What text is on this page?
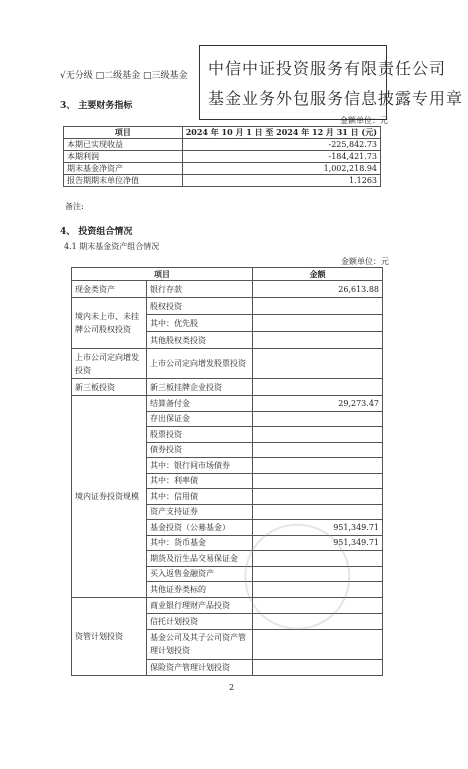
√无分级 □二级基金 □三级基金 中信中证投资服务有限责任公司
基金业务外包服务信息披露专用章
3、 主要财务指标
金额单位：元
项目	2024 年 10 月 1 日 至 2024 年 12 月 31 日 (元)
本期已实现收益	-225,842.73
本期利润	-184,421.73
期末基金净资产	1,002,218.94
报告期期末单位净值	1.1263
备注:
4、 投资组合情况
4.1 期末基金资产组合情况
金额单位：元
项目		金额
现金类资产	银行存款	26,613.88
境内未上市、未挂牌公司股权投资	股权投资	
	其中：优先股	
	其他股权类投资	
上市公司定向增发投资	上市公司定向增发股票投资	
新三板投资	新三板挂牌企业投资	
境内证券投资规模	结算备付金	29,273.47
	存出保证金	
	股票投资	
	债券投资	
	其中：银行间市场债券	
	其中：利率债	
	其中：信用债	
	资产支持证券	
	基金投资（公募基金）	951,349.71
	其中：货币基金	951,349.71
	期货及衍生品交易保证金	
	买入返售金融资产	
	其他证券类标的	
资管计划投资	商业银行理财产品投资	
	信托计划投资	
	基金公司及其子公司资产管理计划投资	
	保险资产管理计划投资	
2
